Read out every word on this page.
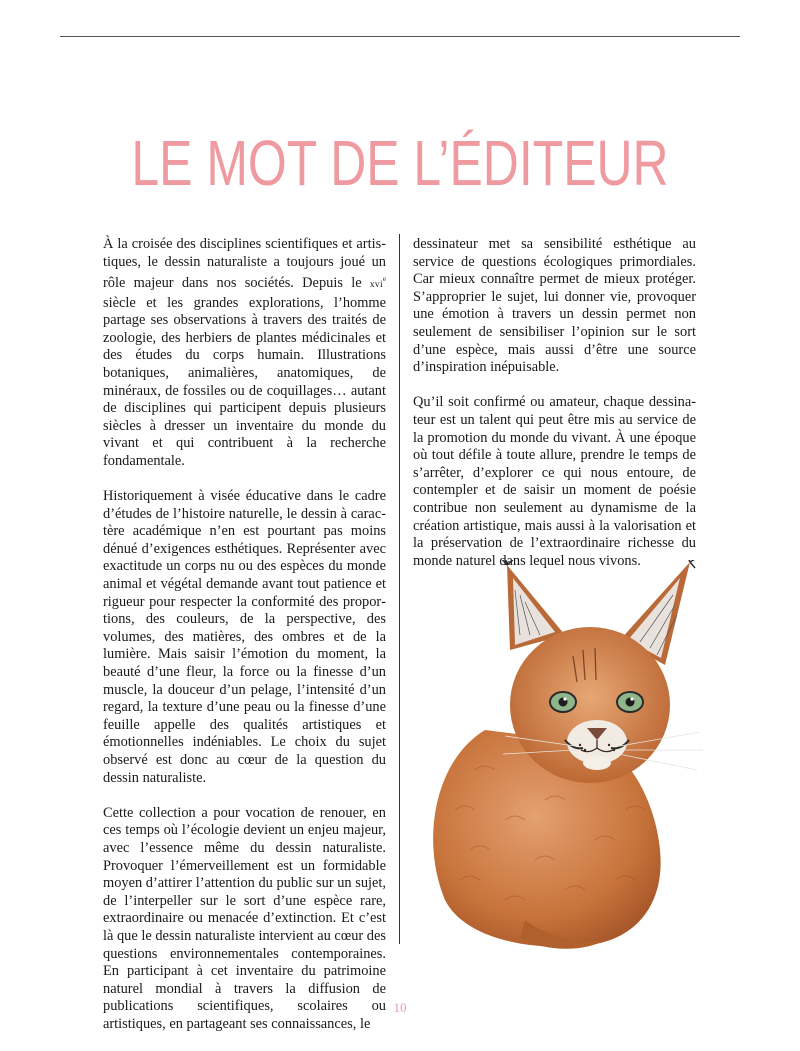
LE MOT DE L’ÉDITEUR

À la croisée des disciplines scientifiques et artistiques, le dessin naturaliste a toujours joué un rôle majeur dans nos sociétés. Depuis le xvi$^e$ siècle et les grandes explorations, l’homme partage ses observations à travers des traités de zoologie, des herbiers de plantes médicinales et des études du corps humain. Illustrations botaniques, animalières, anatomiques, de minéraux, de fossiles ou de coquillages… autant de disciplines qui participent depuis plusieurs siècles à dresser un inventaire du monde du vivant et qui contribuent à la recherche fondamentale.

Historiquement à visée éducative dans le cadre d’études de l’histoire naturelle, le dessin à caractère académique n’en est pourtant pas moins dénué d’exigences esthétiques. Représenter avec exactitude un corps nu ou des espèces du monde animal et végétal demande avant tout patience et rigueur pour respecter la conformité des proportions, des couleurs, de la perspective, des volumes, des matières, des ombres et de la lumière. Mais saisir l’émotion du moment, la beauté d’une fleur, la force ou la finesse d’un muscle, la douceur d’un pelage, l’intensité d’un regard, la texture d’une peau ou la finesse d’une feuille appelle des qualités artistiques et émotionnelles indéniables. Le choix du sujet observé est donc au cœur de la question du dessin naturaliste.

Cette collection a pour vocation de renouer, en ces temps où l’écologie devient un enjeu majeur, avec l’essence même du dessin naturaliste. Provoquer l’émerveillement est un formidable moyen d’attirer l’attention du public sur un sujet, de l’interpeller sur le sort d’une espèce rare, extraordinaire ou menacée d’extinction. Et c’est là que le dessin naturaliste intervient au cœur des questions environnementales contemporaines. En participant à cet inventaire du patrimoine naturel mondial à travers la diffusion de publications scientifiques, scolaires ou artistiques, en partageant ses connaissances, le

dessinateur met sa sensibilité esthétique au service de questions écologiques primordiales. Car mieux connaître permet de mieux protéger. S’approprier le sujet, lui donner vie, provoquer une émotion à travers un dessin permet non seulement de sensibiliser l’opinion sur le sort d’une espèce, mais aussi d’être une source d’inspiration inépuisable.

Qu’il soit confirmé ou amateur, chaque dessinateur est un talent qui peut être mis au service de la promotion du monde du vivant. À une époque où tout défile à toute allure, prendre le temps de s’arrêter, d’explorer ce qui nous entoure, de contempler et de saisir un moment de poésie contribue non seulement au dynamisme de la création artistique, mais aussi à la valorisation et la préservation de l’extraordinaire richesse du monde naturel dans lequel nous vivons.

10
